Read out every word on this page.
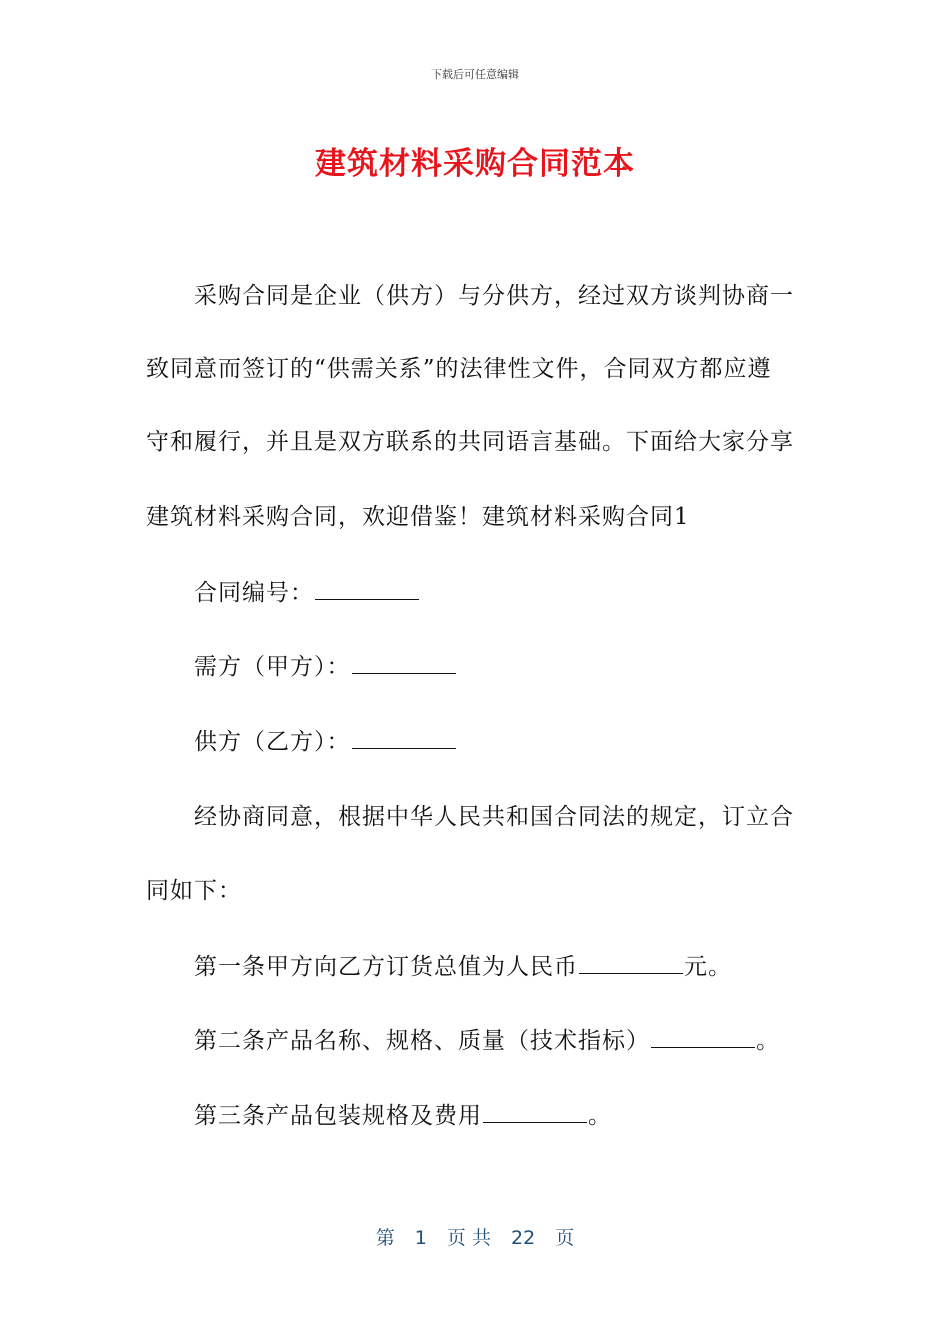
下载后可任意编辑
建筑材料采购合同范本
采购合同是企业（供方）与分供方，经过双方谈判协商一
致同意而签订的“供需关系”的法律性文件，合同双方都应遵
守和履行，并且是双方联系的共同语言基础。下面给大家分享
建筑材料采购合同，欢迎借鉴！建筑材料采购合同1
合同编号：
需方（甲方）：
供方（乙方）：
经协商同意，根据中华人民共和国合同法的规定，订立合
同如下：
第一条甲方向乙方订货总值为人民币	元。
第二条产品名称、规格、质量（技术指标）	。
第三条产品包装规格及费用	。
第 1 页 共 22 页
